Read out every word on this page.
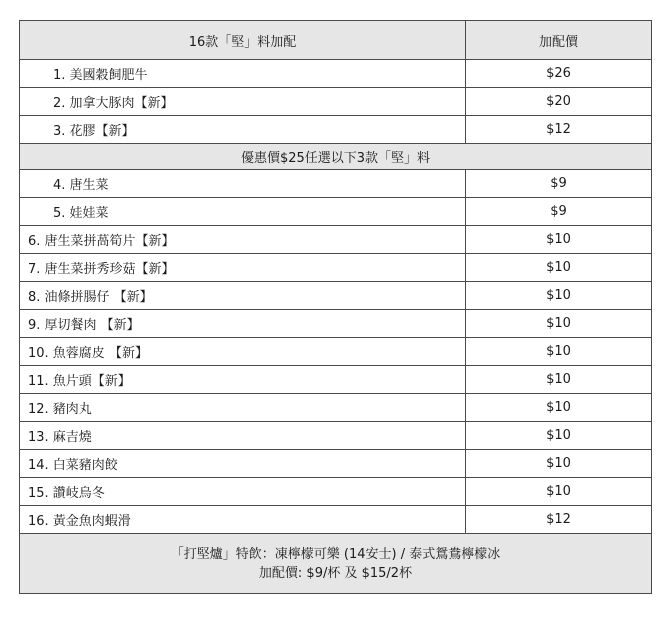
16款「堅」料加配	加配價
1. 美國穀飼肥牛	$26
2. 加拿大豚肉【新】	$20
3. 花膠【新】	$12
優惠價$25任選以下3款「堅」料	
4. 唐生菜	$9
5. 娃娃菜	$9
6. 唐生菜拼萵筍片【新】	$10
7. 唐生菜拼秀珍菇【新】	$10
8. 油條拼腸仔 【新】	$10
9. 厚切餐肉 【新】	$10
10. 魚蓉腐皮 【新】	$10
11. 魚片頭【新】	$10
12. 豬肉丸	$10
13. 麻吉燒	$10
14. 白菜豬肉餃	$10
15. 讚岐烏冬	$10
16. 黃金魚肉蝦滑	$12

「打堅爐」特飲：凍檸檬可樂 (14安士) / 泰式鴛鴦檸檬冰
加配價: $9/杯 及 $15/2杯	
